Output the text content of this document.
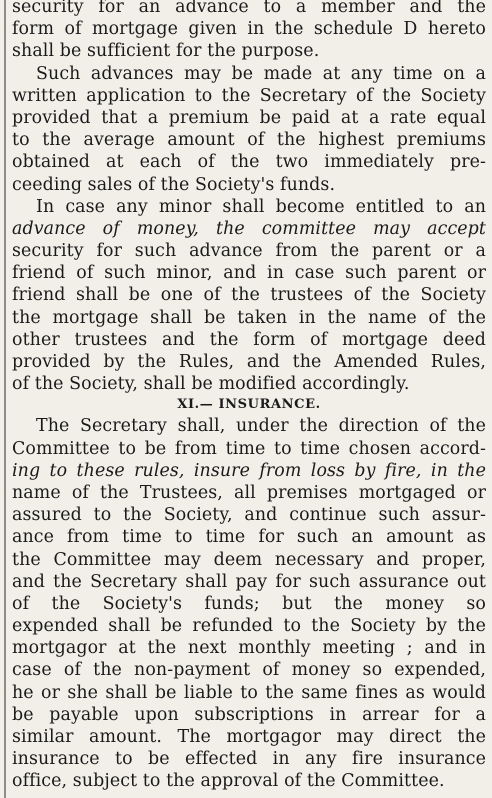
security for an advance to a member and the
form of mortgage given in the schedule D hereto
shall be sufficient for the purpose.
Such advances may be made at any time on a
written application to the Secretary of the Society
provided that a premium be paid at a rate equal
to the average amount of the highest premiums
obtained at each of the two immediately pre-
ceeding sales of the Society's funds.
In case any minor shall become entitled to an
advance of money, the committee may accept
security for such advance from the parent or a
friend of such minor, and in case such parent or
friend shall be one of the trustees of the Society
the mortgage shall be taken in the name of the
other trustees and the form of mortgage deed
provided by the Rules, and the Amended Rules,
of the Society, shall be modified accordingly.
XI.— INSURANCE.
The Secretary shall, under the direction of the
Committee to be from time to time chosen accord-
ing to these rules, insure from loss by fire, in the
name of the Trustees, all premises mortgaged or
assured to the Society, and continue such assur-
ance from time to time for such an amount as
the Committee may deem necessary and proper,
and the Secretary shall pay for such assurance out
of the Society's funds; but the money so
expended shall be refunded to the Society by the
mortgagor at the next monthly meeting ; and in
case of the non-payment of money so expended,
he or she shall be liable to the same fines as would
be payable upon subscriptions in arrear for a
similar amount. The mortgagor may direct the
insurance to be effected in any fire insurance
office, subject to the approval of the Committee.
